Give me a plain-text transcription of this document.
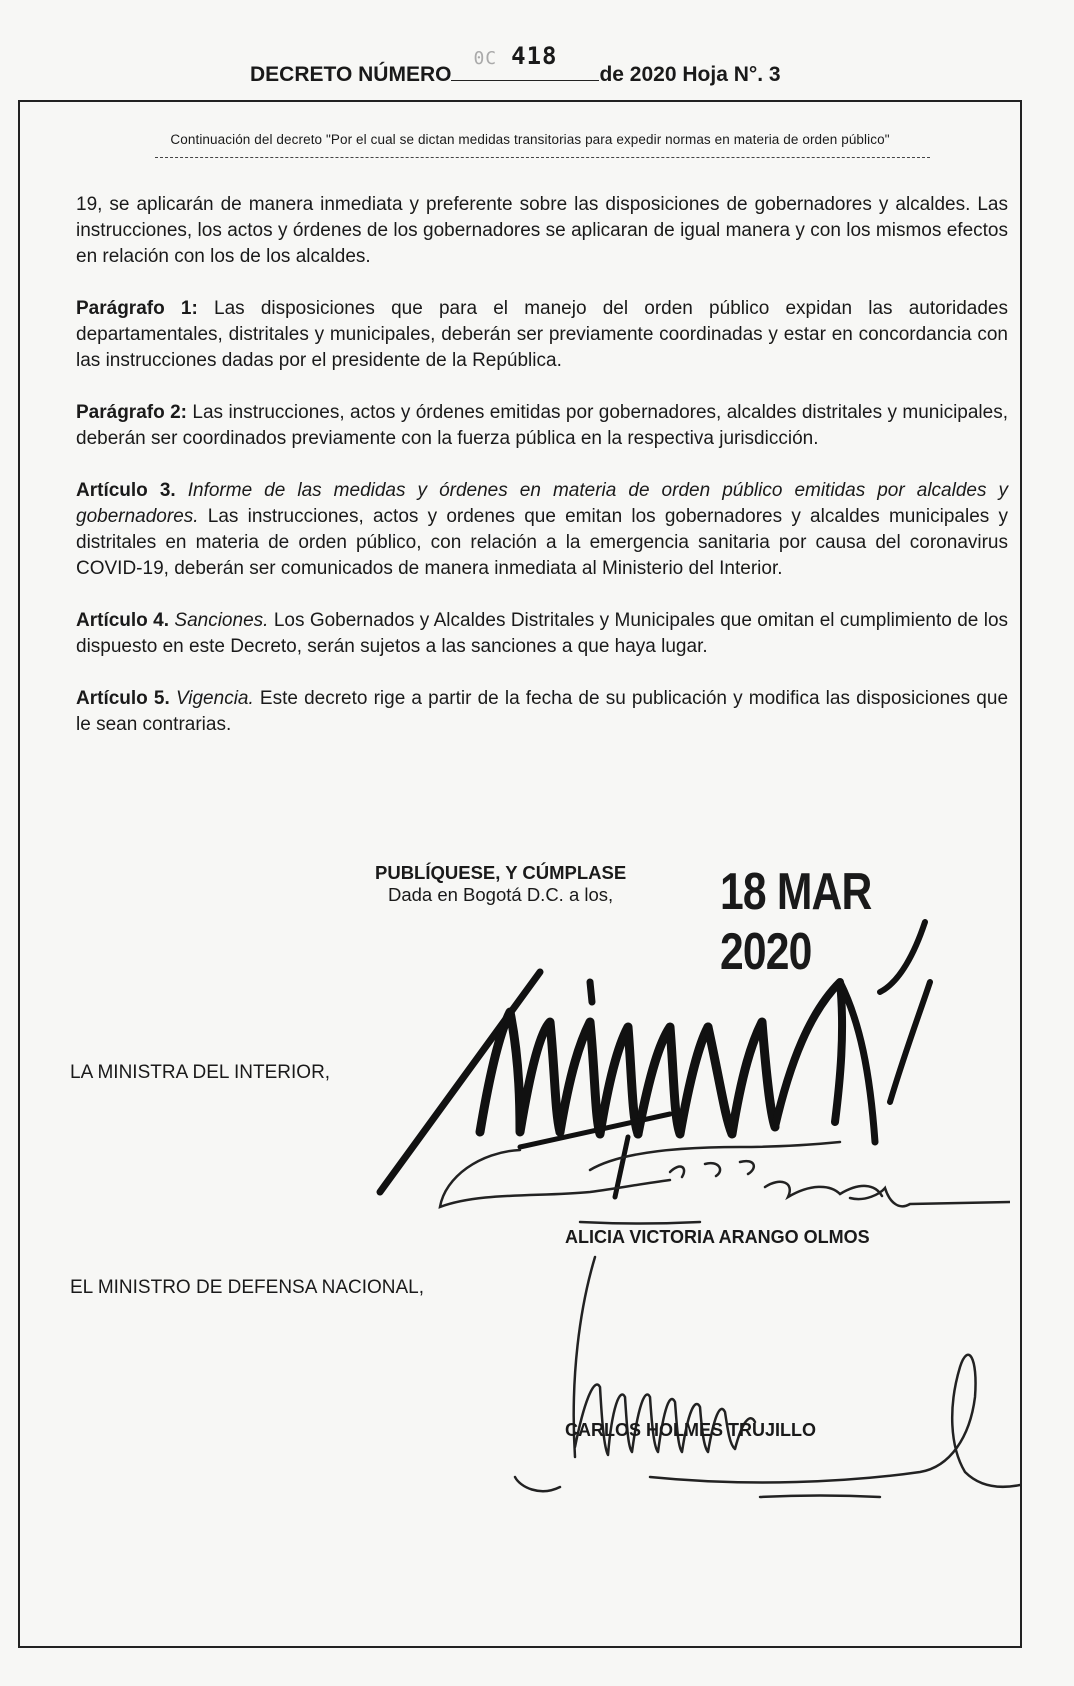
DECRETO NÚMERO
0C 418
de 2020 Hoja N°. 3
Continuación del decreto "Por el cual se dictan medidas transitorias para expedir normas en materia de orden público"

19, se aplicarán de manera inmediata y preferente sobre las disposiciones de gobernadores y alcaldes. Las instrucciones, los actos y órdenes de los gobernadores se aplicaran de igual manera y con los mismos efectos en relación con los de los alcaldes.

Parágrafo 1: Las disposiciones que para el manejo del orden público expidan las autoridades departamentales, distritales y municipales, deberán ser previamente coordinadas y estar en concordancia con las instrucciones dadas por el presidente de la República.

Parágrafo 2: Las instrucciones, actos y órdenes emitidas por gobernadores, alcaldes distritales y municipales, deberán ser coordinados previamente con la fuerza pública en la respectiva jurisdicción.

Artículo 3. Informe de las medidas y órdenes en materia de orden público emitidas por alcaldes y gobernadores. Las instrucciones, actos y ordenes que emitan los gobernadores y alcaldes municipales y distritales en materia de orden público, con relación a la emergencia sanitaria por causa del coronavirus COVID-19, deberán ser comunicados de manera inmediata al Ministerio del Interior.

Artículo 4. Sanciones. Los Gobernados y Alcaldes Distritales y Municipales que omitan el cumplimiento de los dispuesto en este Decreto, serán sujetos a las sanciones a que haya lugar.

Artículo 5. Vigencia. Este decreto rige a partir de la fecha de su publicación y modifica las disposiciones que le sean contrarias.

PUBLÍQUESE, Y CÚMPLASE
Dada en Bogotá D.C. a los, 18 MAR 2020
LA MINISTRA DEL INTERIOR,
ALICIA VICTORIA ARANGO OLMOS
EL MINISTRO DE DEFENSA NACIONAL,
CARLOS HOLMES TRUJILLO
